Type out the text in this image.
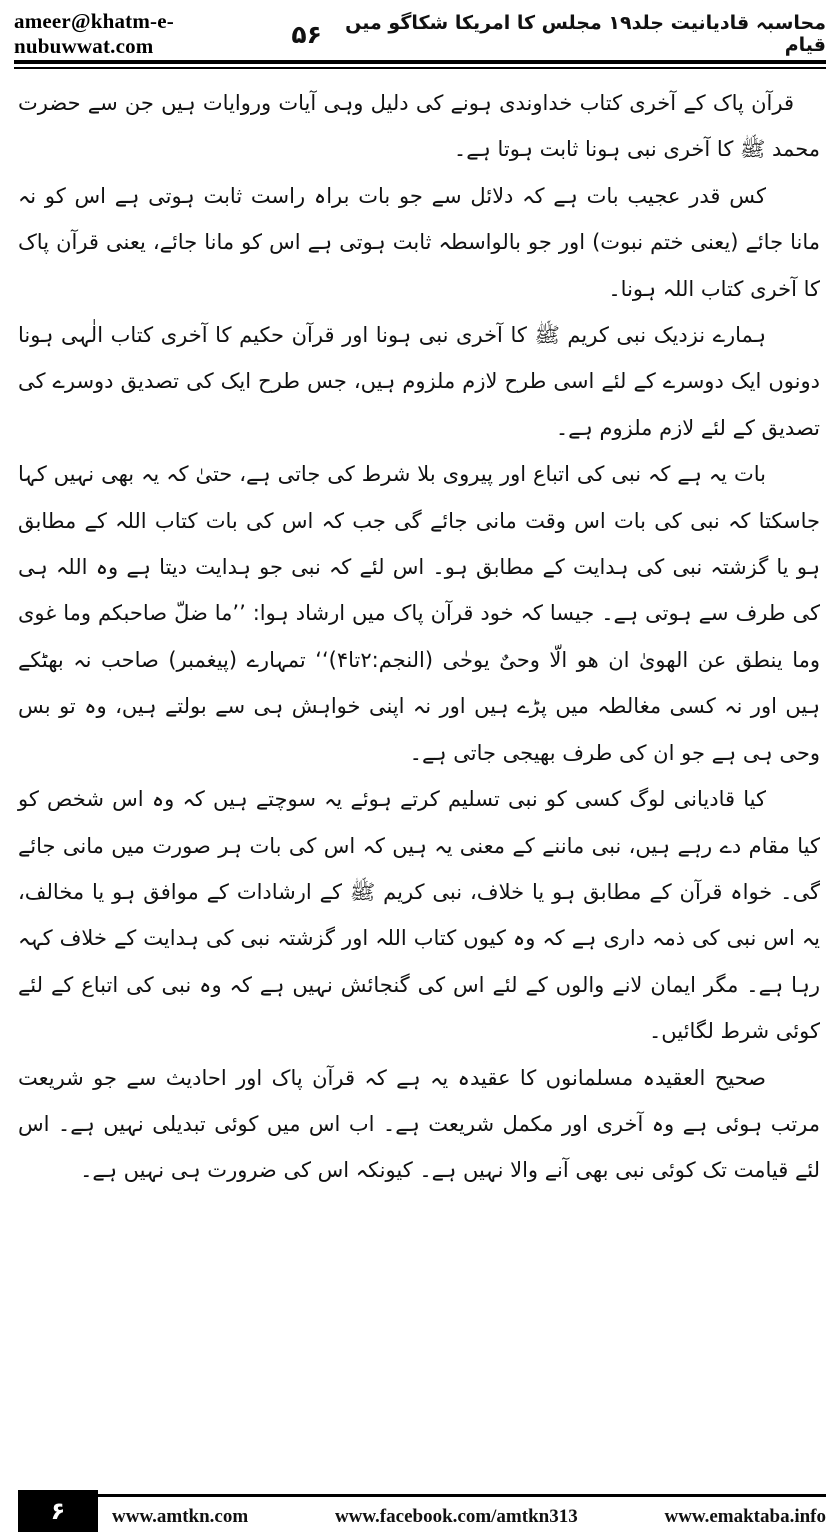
ameer@khatm-e-nubuwwat.com	۵۶ محاسبہ قادیانیت جلد۱۹ مجلس کا امریکا شکاگو میں قیام

قرآن پاک کے آخری کتاب خداوندی ہونے کی دلیل وہی آیات وروایات ہیں جن سے حضرت محمد ﷺ کا آخری نبی ہونا ثابت ہوتا ہے۔

کس قدر عجیب بات ہے کہ دلائل سے جو بات براہ راست ثابت ہوتی ہے اس کو نہ مانا جائے (یعنی ختم نبوت) اور جو بالواسطہ ثابت ہوتی ہے اس کو مانا جائے، یعنی قرآن پاک کا آخری کتاب اللہ ہونا۔

ہمارے نزدیک نبی کریم ﷺ کا آخری نبی ہونا اور قرآن حکیم کا آخری کتاب الٰہی ہونا دونوں ایک دوسرے کے لئے اسی طرح لازم ملزوم ہیں، جس طرح ایک کی تصدیق دوسرے کی تصدیق کے لئے لازم ملزوم ہے۔

بات یہ ہے کہ نبی کی اتباع اور پیروی بلا شرط کی جاتی ہے، حتیٰ کہ یہ بھی نہیں کہا جاسکتا کہ نبی کی بات اس وقت مانی جائے گی جب کہ اس کی بات کتاب اللہ کے مطابق ہو یا گزشتہ نبی کی ہدایت کے مطابق ہو۔ اس لئے کہ نبی جو ہدایت دیتا ہے وہ اللہ ہی کی طرف سے ہوتی ہے۔ جیسا کہ خود قرآن پاک میں ارشاد ہوا: ’’ما ضلّ صاحبکم وما غوی وما ینطق عن الھویٰ ان ھو الّا وحیٌ یوحٰی (النجم:۲تا۴)‘‘ تمہارے (پیغمبر) صاحب نہ بھٹکے ہیں اور نہ کسی مغالطہ میں پڑے ہیں اور نہ اپنی خواہش ہی سے بولتے ہیں، وہ تو بس وحی ہی ہے جو ان کی طرف بھیجی جاتی ہے۔

کیا قادیانی لوگ کسی کو نبی تسلیم کرتے ہوئے یہ سوچتے ہیں کہ وہ اس شخص کو کیا مقام دے رہے ہیں، نبی ماننے کے معنی یہ ہیں کہ اس کی بات ہر صورت میں مانی جائے گی۔ خواہ قرآن کے مطابق ہو یا خلاف، نبی کریم ﷺ کے ارشادات کے موافق ہو یا مخالف، یہ اس نبی کی ذمہ داری ہے کہ وہ کیوں کتاب اللہ اور گزشتہ نبی کی ہدایت کے خلاف کہہ رہا ہے۔ مگر ایمان لانے والوں کے لئے اس کی گنجائش نہیں ہے کہ وہ نبی کی اتباع کے لئے کوئی شرط لگائیں۔

صحیح العقیدہ مسلمانوں کا عقیدہ یہ ہے کہ قرآن پاک اور احادیث سے جو شریعت مرتب ہوئی ہے وہ آخری اور مکمل شریعت ہے۔ اب اس میں کوئی تبدیلی نہیں ہے۔ اس لئے قیامت تک کوئی نبی بھی آنے والا نہیں ہے۔ کیونکہ اس کی ضرورت ہی نہیں ہے۔

۶	www.amtkn.com	www.facebook.com/amtkn313	www.emaktaba.info
